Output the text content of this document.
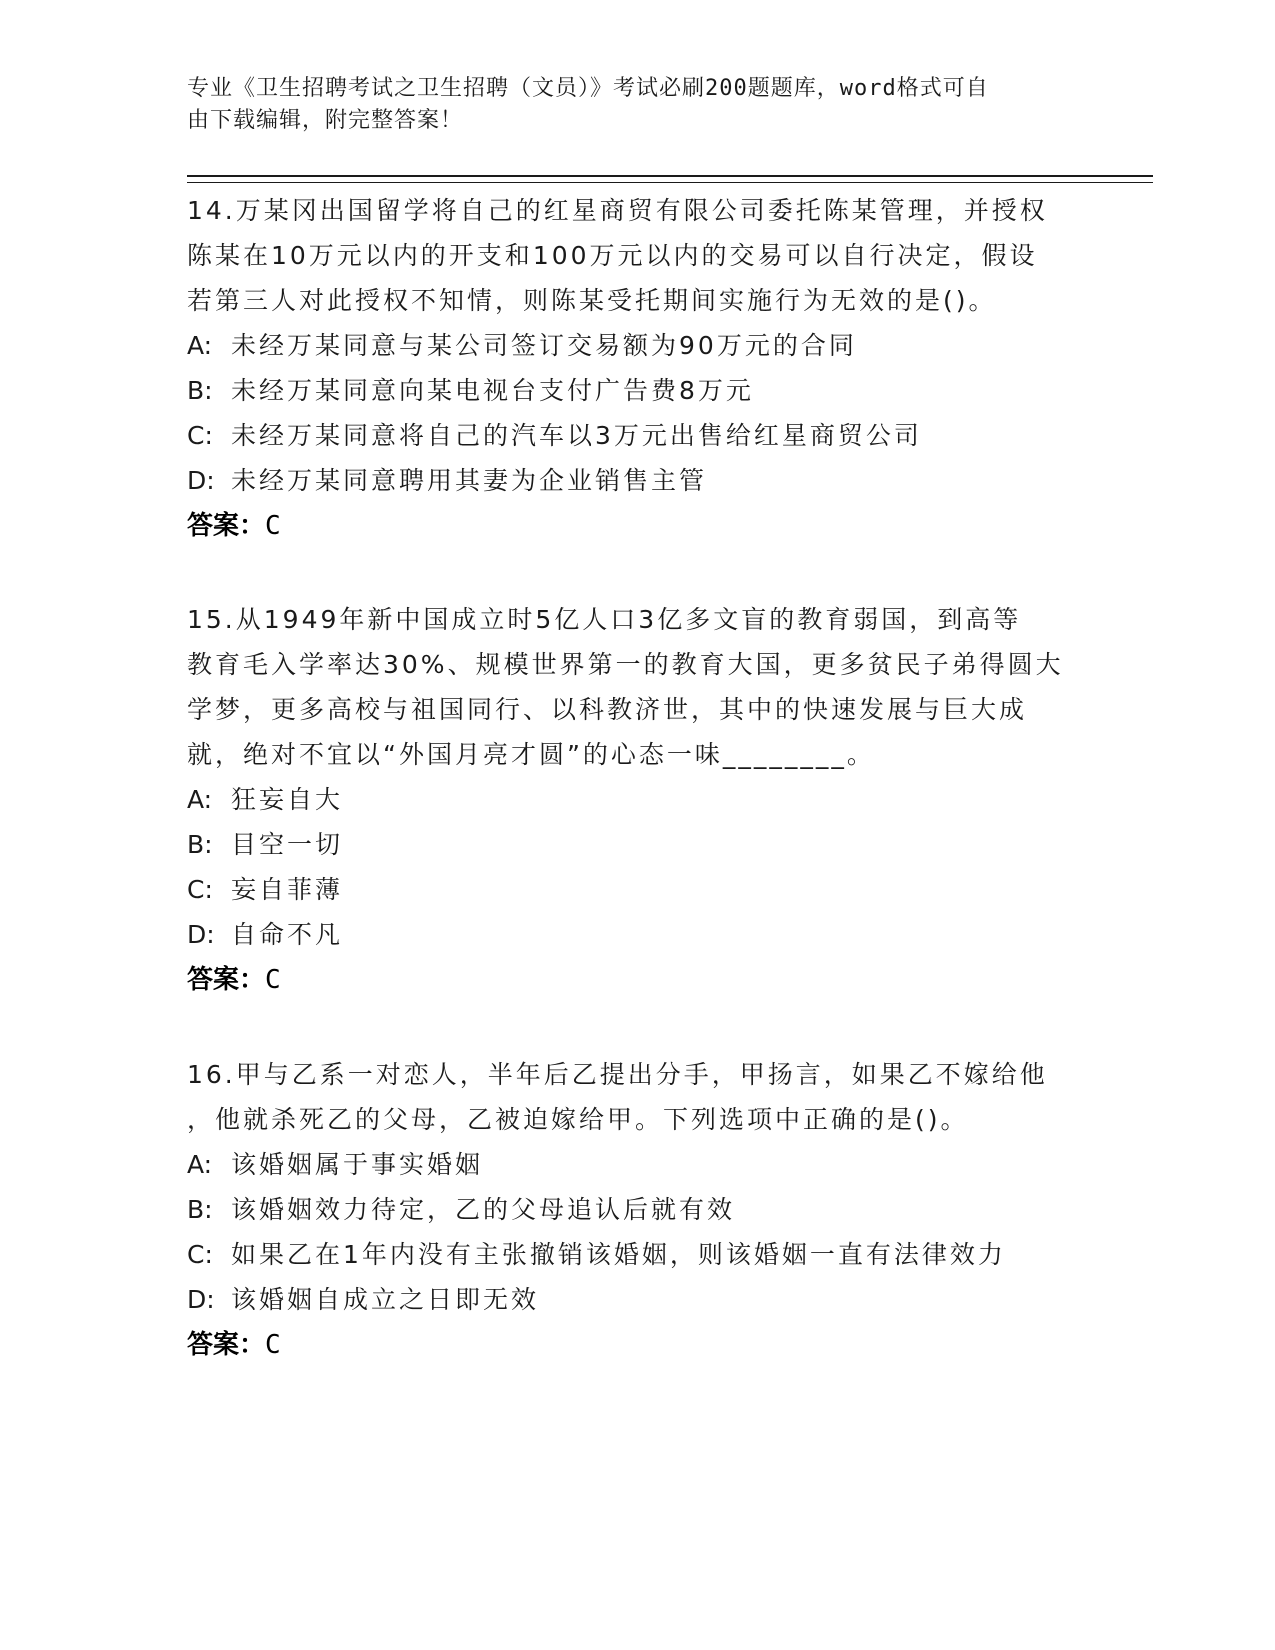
专业《卫生招聘考试之卫生招聘（文员）》考试必刷200题题库，word格式可自
由下载编辑，附完整答案！
14.万某冈出国留学将自己的红星商贸有限公司委托陈某管理，并授权
陈某在10万元以内的开支和100万元以内的交易可以自行决定，假设
若第三人对此授权不知情，则陈某受托期间实施行为无效的是()。
A: 未经万某同意与某公司签订交易额为90万元的合同
B: 未经万某同意向某电视台支付广告费8万元
C: 未经万某同意将自己的汽车以3万元出售给红星商贸公司
D: 未经万某同意聘用其妻为企业销售主管
答案：C
15.从1949年新中国成立时5亿人口3亿多文盲的教育弱国，到高等
教育毛入学率达30%、规模世界第一的教育大国，更多贫民子弟得圆大
学梦，更多高校与祖国同行、以科教济世，其中的快速发展与巨大成
就，绝对不宜以“外国月亮才圆”的心态一味________。
A: 狂妄自大
B: 目空一切
C: 妄自菲薄
D: 自命不凡
答案：C
16.甲与乙系一对恋人，半年后乙提出分手，甲扬言，如果乙不嫁给他
，他就杀死乙的父母，乙被迫嫁给甲。下列选项中正确的是()。
A: 该婚姻属于事实婚姻
B: 该婚姻效力待定，乙的父母追认后就有效
C: 如果乙在1年内没有主张撤销该婚姻，则该婚姻一直有法律效力
D: 该婚姻自成立之日即无效
答案：C
